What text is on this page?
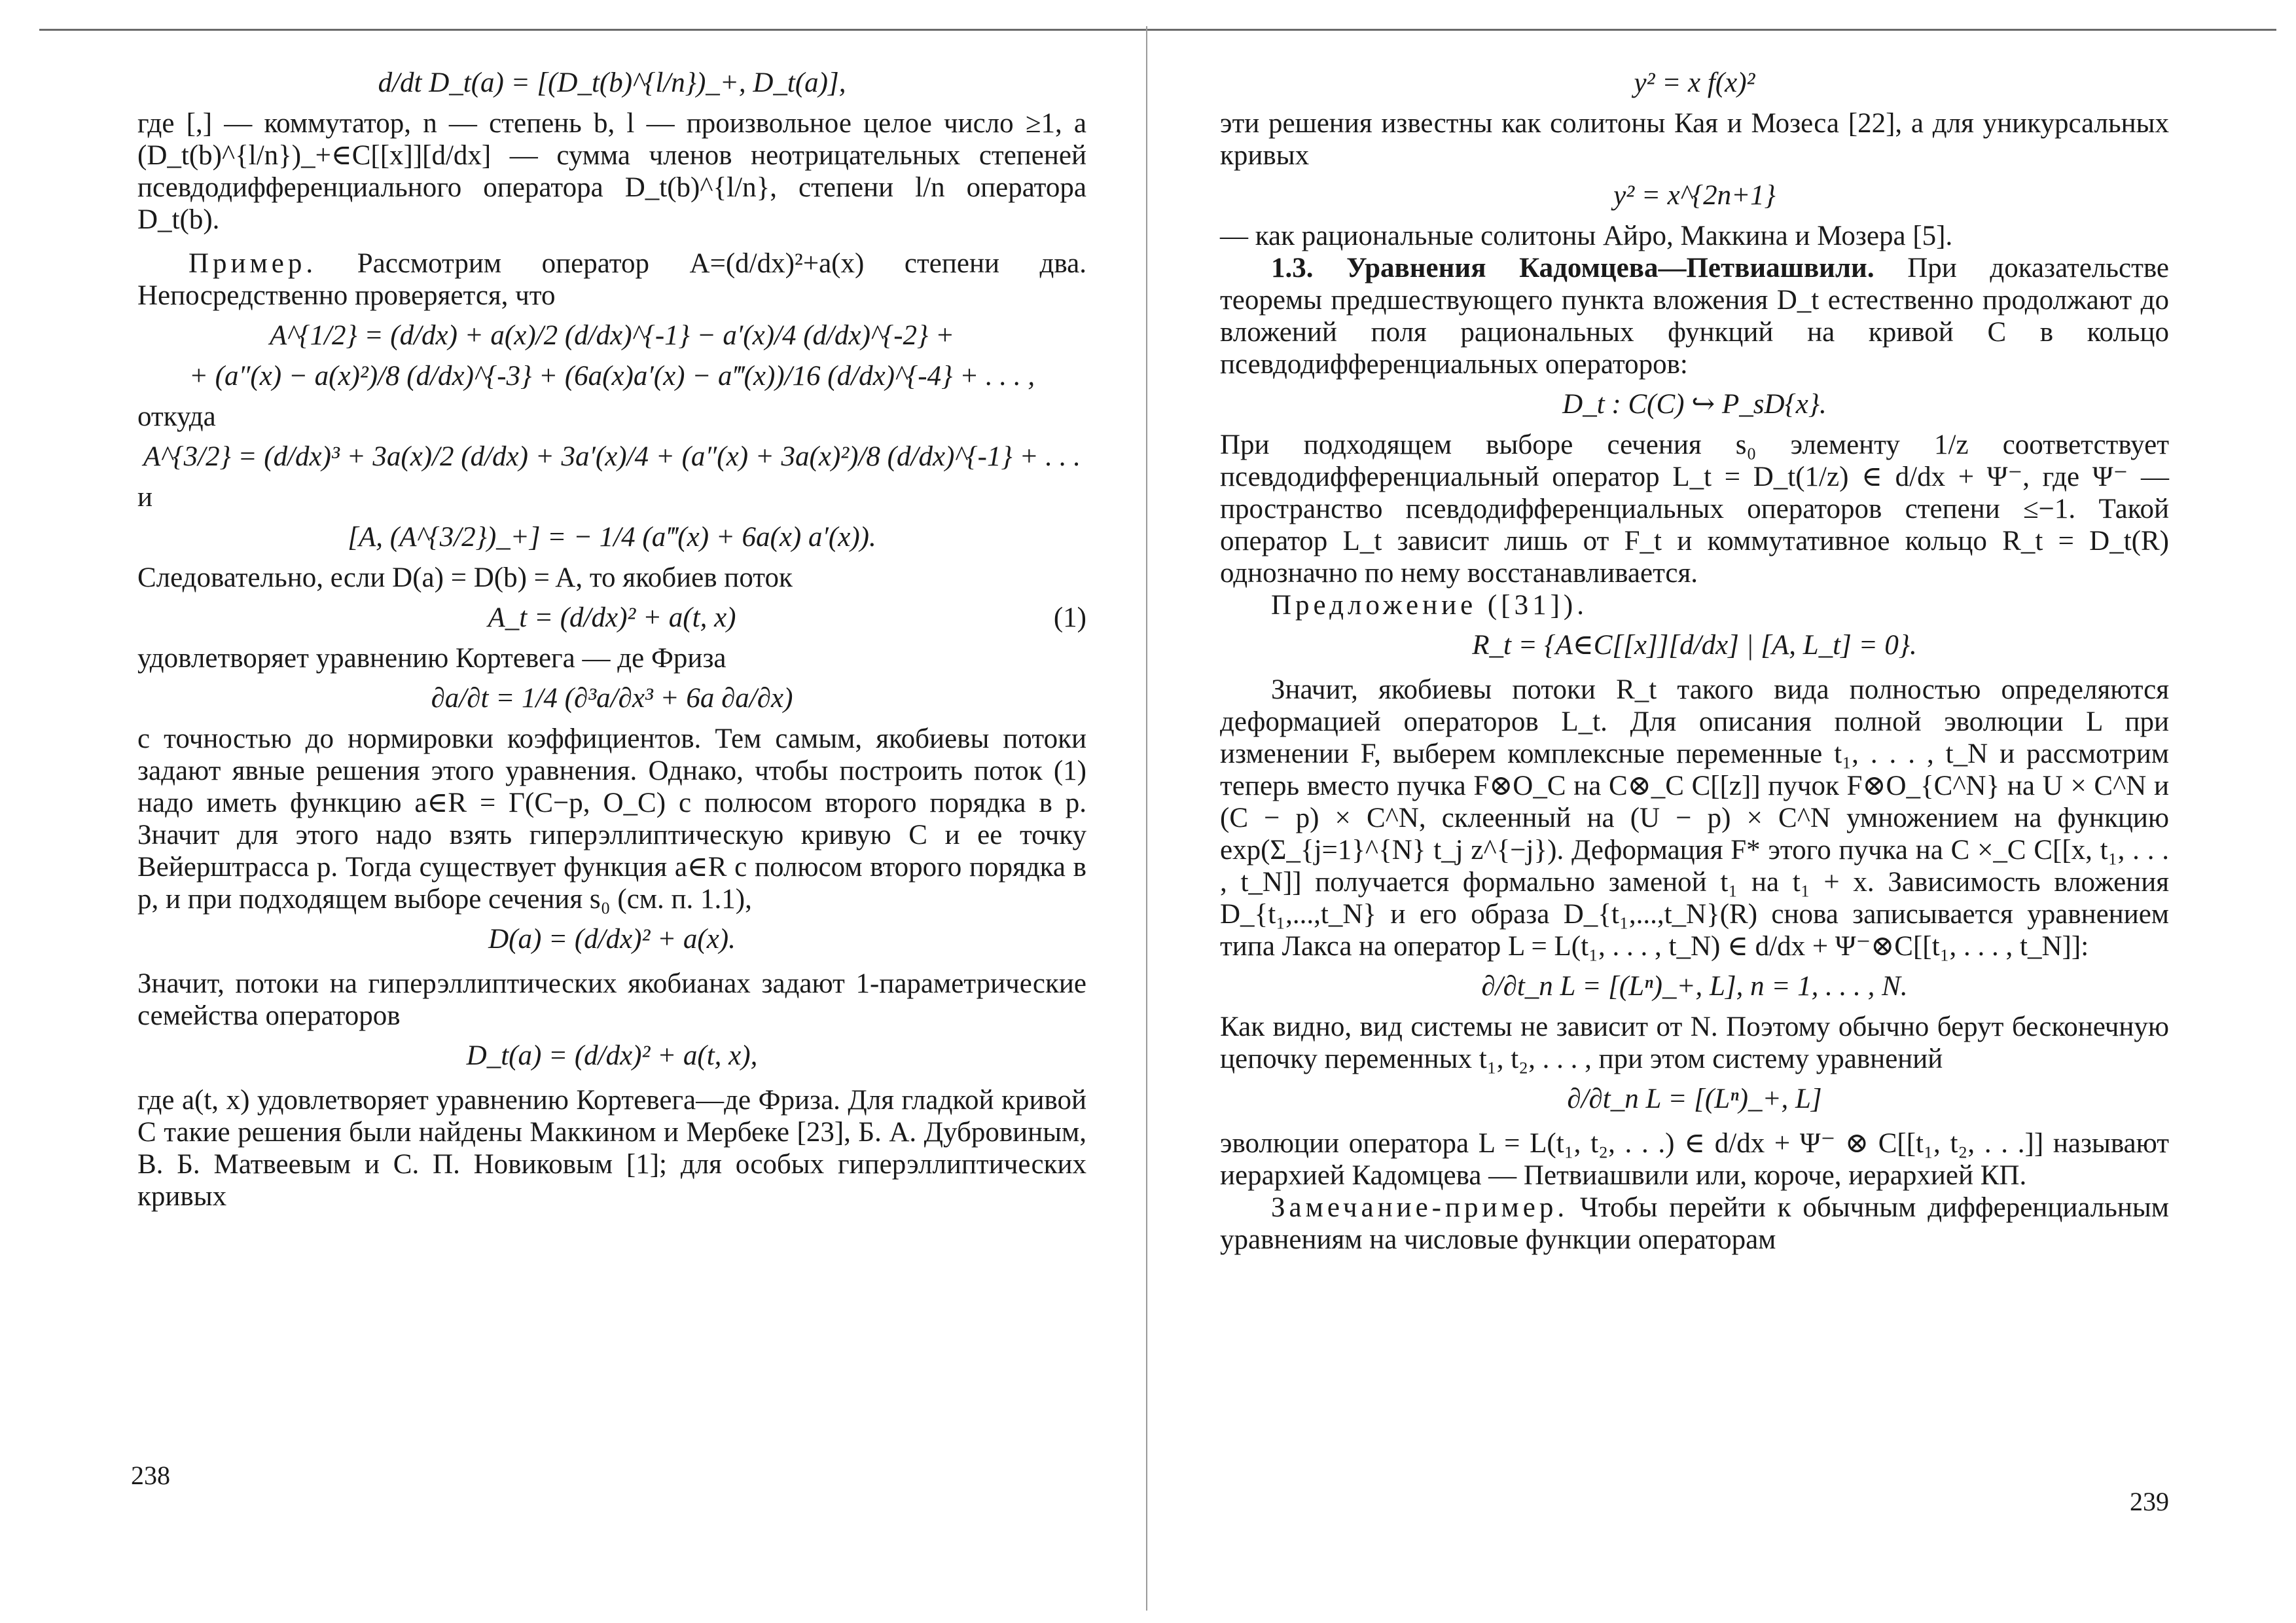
d/dt D_t(a) = [(D_t(b)^{l/n})_+, D_t(a)],

где [,] — коммутатор, n — степень b, l — произвольное целое число ≥1, а (D_t(b)^{l/n})_+∈C[[x]][d/dx] — сумма членов неотрицательных степеней псевдодифференциального оператора D_t(b)^{l/n}, степени l/n оператора D_t(b).

Пример. Рассмотрим оператор A=(d/dx)²+a(x) степени два. Непосредственно проверяется, что

A^{1/2} = (d/dx) + a(x)/2 (d/dx)^{-1} − a′(x)/4 (d/dx)^{-2} +
+ (a″(x) − a(x)²)/8 (d/dx)^{-3} + (6a(x)a′(x) − a‴(x))/16 (d/dx)^{-4} + . . . ,

откуда

A^{3/2} = (d/dx)³ + 3a(x)/2 (d/dx) + 3a′(x)/4 + (a″(x) + 3a(x)²)/8 (d/dx)^{-1} + . . .

и

[A, (A^{3/2})_+] = − 1/4 (a‴(x) + 6a(x) a′(x)).

Следовательно, если D(a) = D(b) = A, то якобиев поток

A_t = (d/dx)² + a(t, x)	(1)

удовлетворяет уравнению Кортевега — де Фриза

∂a/∂t = 1/4 (∂³a/∂x³ + 6a ∂a/∂x)

с точностью до нормировки коэффициентов. Тем самым, якобиевы потоки задают явные решения этого уравнения. Однако, чтобы построить поток (1) надо иметь функцию a∈R = Γ(C−p, O_C) с полюсом второго порядка в p. Значит для этого надо взять гиперэллиптическую кривую C и ее точку Вейерштрасса p. Тогда существует функция a∈R с полюсом второго порядка в p, и при подходящем выборе сечения s₀ (см. п. 1.1),

D(a) = (d/dx)² + a(x).

Значит, потоки на гиперэллиптических якобианах задают 1-параметрические семейства операторов

D_t(a) = (d/dx)² + a(t, x),

где a(t, x) удовлетворяет уравнению Кортевега—де Фриза. Для гладкой кривой C такие решения были найдены Маккином и Мербеке [23], Б. А. Дубровиным, В. Б. Матвеевым и С. П. Новиковым [1]; для особых гиперэллиптических кривых

238
y² = x f(x)²

эти решения известны как солитоны Кая и Мозеса [22], а для уникурсальных кривых

y² = x^{2n+1}

— как рациональные солитоны Айро, Маккина и Мозера [5].

1.3. Уравнения Кадомцева—Петвиашвили. При доказательстве теоремы предшествующего пункта вложения D_t естественно продолжают до вложений поля рациональных функций на кривой C в кольцо псевдодифференциальных операторов:

D_t : C(C) ↪ P_sD{x}.

При подходящем выборе сечения s₀ элементу 1/z соответствует псевдодифференциальный оператор L_t = D_t(1/z) ∈ d/dx + Ψ⁻, где Ψ⁻ — пространство псевдодифференциальных операторов степени ≤−1. Такой оператор L_t зависит лишь от F_t и коммутативное кольцо R_t = D_t(R) однозначно по нему восстанавливается.

Предложение ([31]).

R_t = {A∈C[[x]][d/dx] | [A, L_t] = 0}.

Значит, якобиевы потоки R_t такого вида полностью определяются деформацией операторов L_t. Для описания полной эволюции L при изменении F, выберем комплексные переменные t₁, . . . , t_N и рассмотрим теперь вместо пучка F⊗O_C на C⊗_C C[[z]] пучок F⊗O_{C^N} на U × C^N и (C − p) × C^N, склеенный на (U − p) × C^N умножением на функцию exp(Σ_{j=1}^{N} t_j z^{−j}). Деформация F* этого пучка на C ×_C C[[x, t₁, . . . , t_N]] получается формально заменой t₁ на t₁ + x. Зависимость вложения D_{t₁,...,t_N} и его образа D_{t₁,...,t_N}(R) снова записывается уравнением типа Лакса на оператор L = L(t₁, . . . , t_N) ∈ d/dx + Ψ⁻⊗C[[t₁, . . . , t_N]]:

∂/∂t_n L = [(Lⁿ)_+, L], n = 1, . . . , N.

Как видно, вид системы не зависит от N. Поэтому обычно берут бесконечную цепочку переменных t₁, t₂, . . . , при этом систему уравнений

∂/∂t_n L = [(Lⁿ)_+, L]

эволюции оператора L = L(t₁, t₂, . . .) ∈ d/dx + Ψ⁻ ⊗ C[[t₁, t₂, . . .]] называют иерархией Кадомцева — Петвиашвили или, короче, иерархией КП.

Замечание-пример. Чтобы перейти к обычным дифференциальным уравнениям на числовые функции операторам

239
